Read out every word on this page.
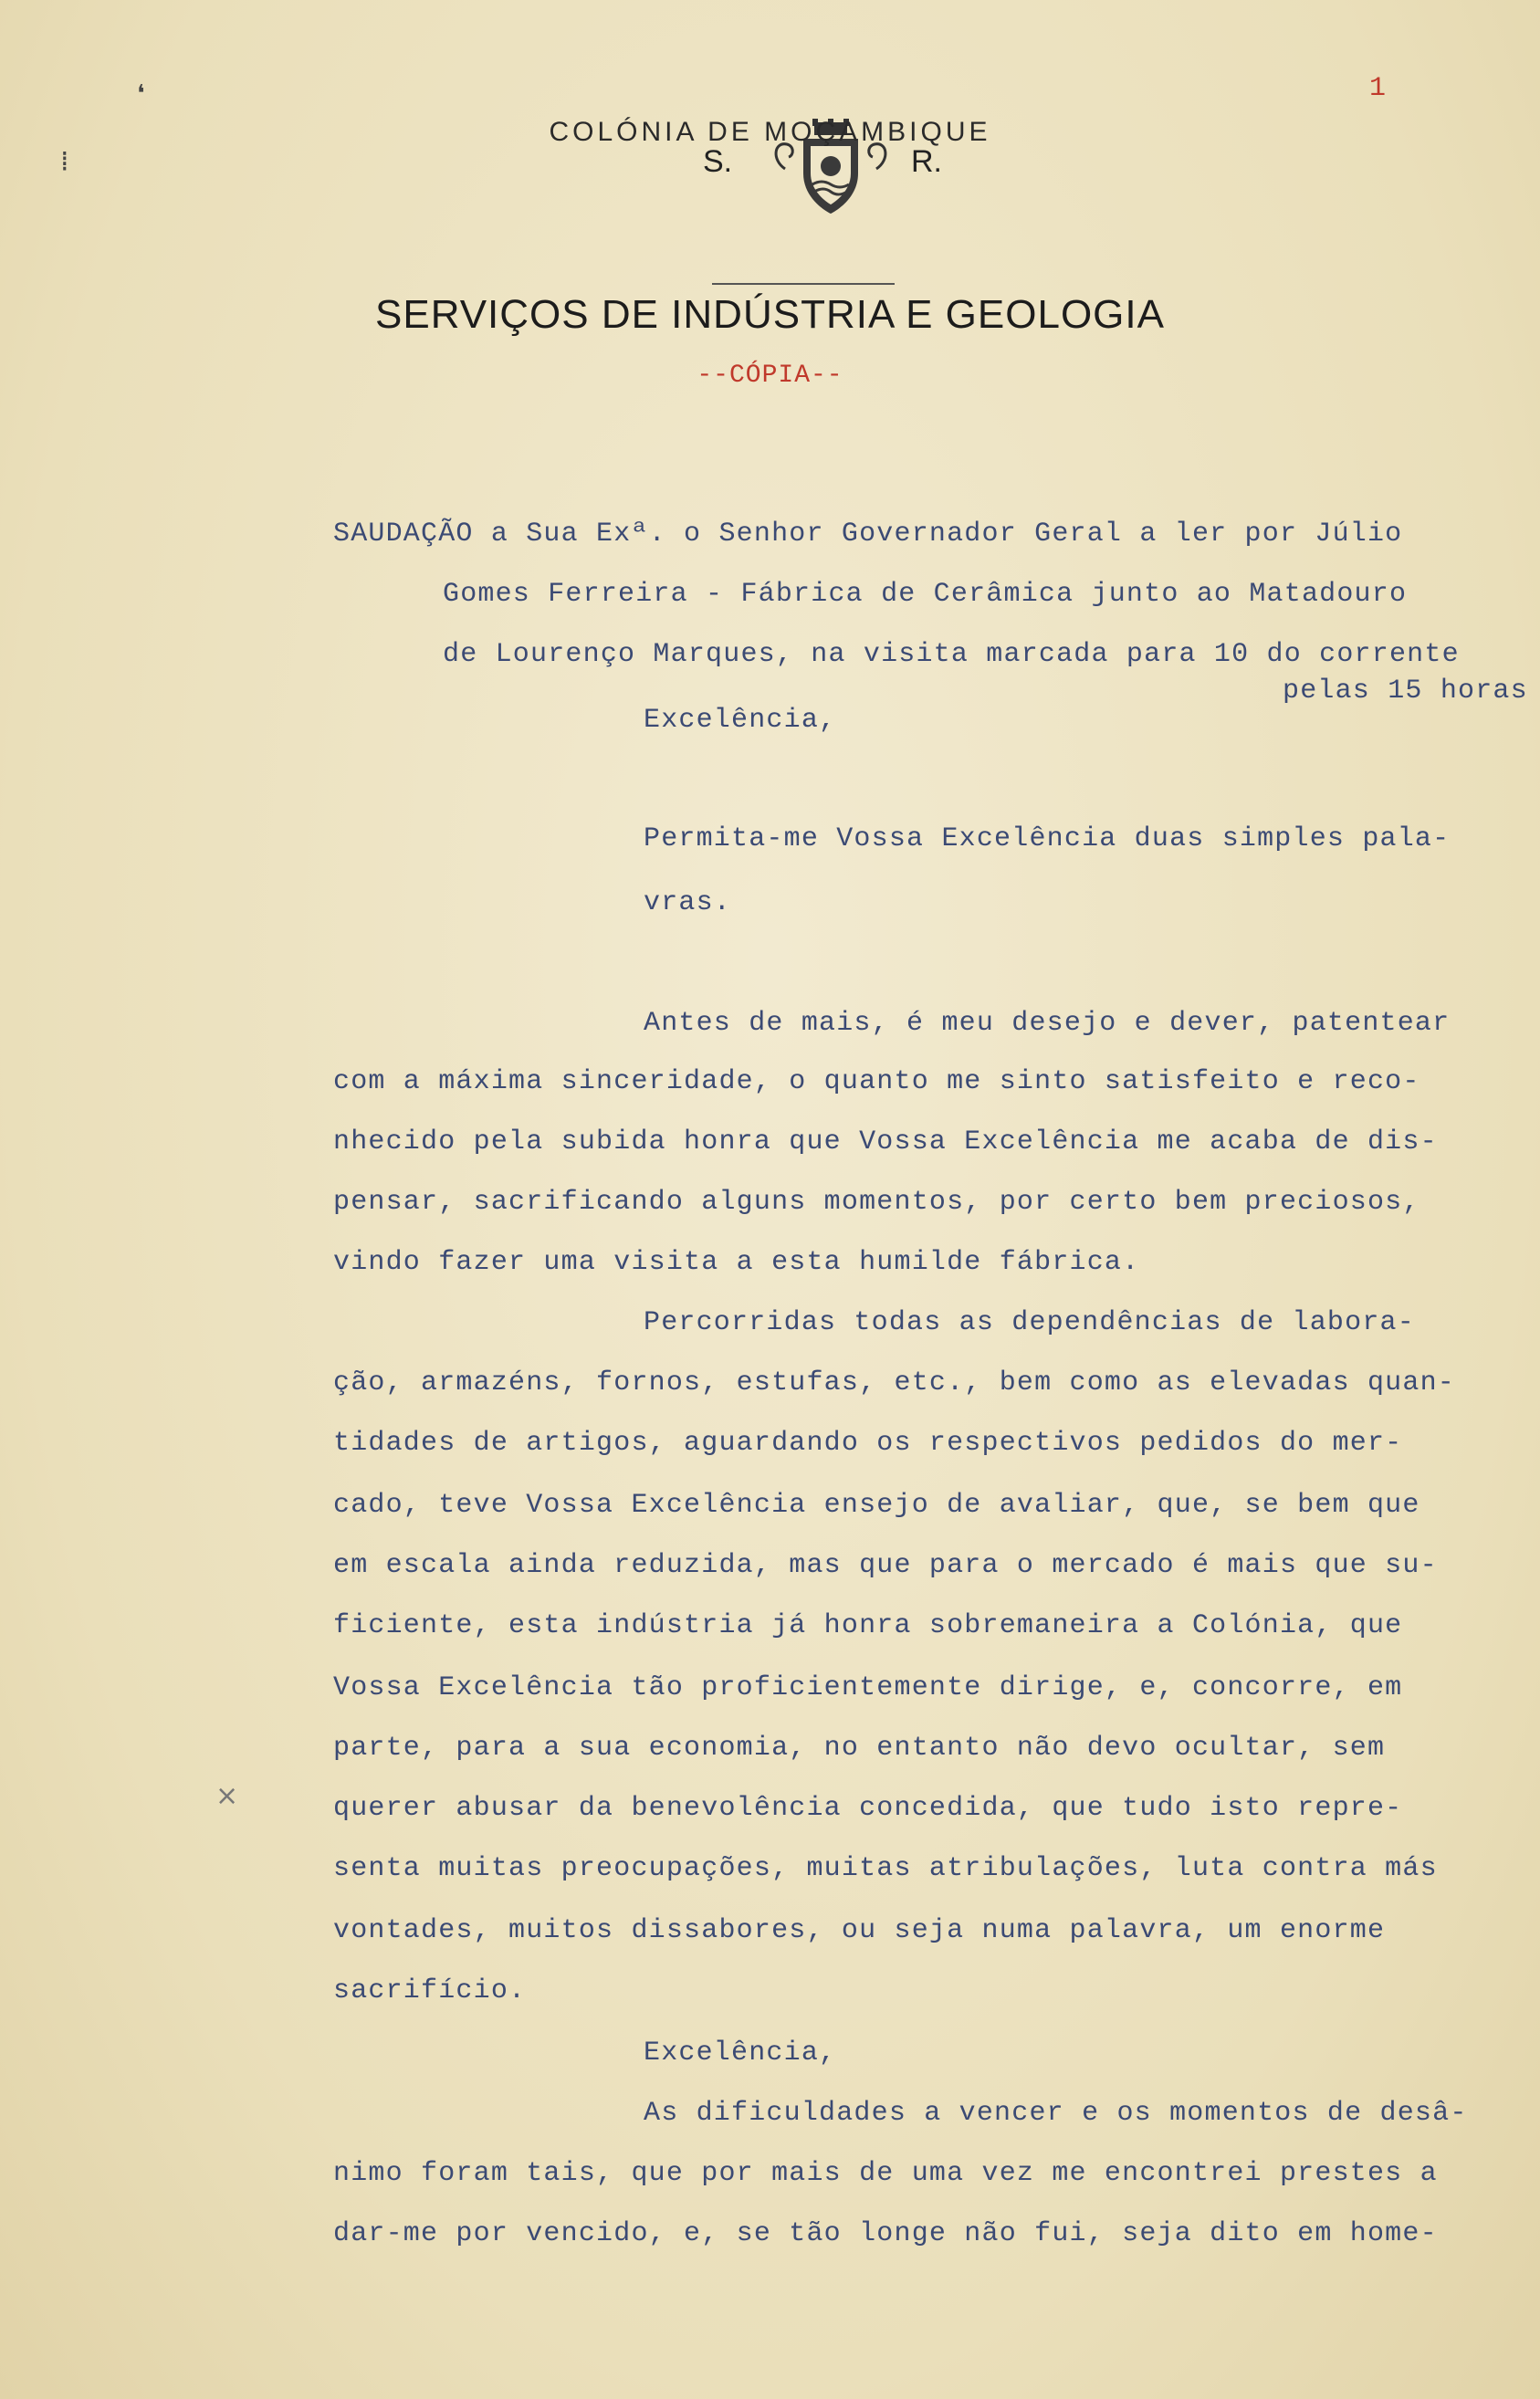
1
S.	R.
COLÓNIA DE MOÇAMBIQUE
SERVIÇOS DE INDÚSTRIA E GEOLOGIA
--CÓPIA--
SAUDAÇÃO a Sua Exª. o Senhor Governador Geral a ler por Júlio
Gomes Ferreira - Fábrica de Cerâmica junto ao Matadouro
de Lourenço Marques, na visita marcada para 10 do corrente
pelas 15 horas
Excelência,
Permita-me Vossa Excelência duas simples pala-
vras.
Antes de mais, é meu desejo e dever, patentear
com a máxima sinceridade, o quanto me sinto satisfeito e reco-
nhecido pela subida honra que Vossa Excelência me acaba de dis-
pensar, sacrificando alguns momentos, por certo bem preciosos,
vindo fazer uma visita a esta humilde fábrica.
Percorridas todas as dependências de labora-
ção, armazéns, fornos, estufas, etc., bem como as elevadas quan-
tidades de artigos, aguardando os respectivos pedidos do mer-
cado, teve Vossa Excelência ensejo de avaliar, que, se bem que
em escala ainda reduzida, mas que para o mercado é mais que su-
ficiente, esta indústria já honra sobremaneira a Colónia, que
Vossa Excelência tão proficientemente dirige, e, concorre, em
parte, para a sua economia, no entanto não devo ocultar, sem
querer abusar da benevolência concedida, que tudo isto repre-
senta muitas preocupações, muitas atribulações, luta contra más
vontades, muitos dissabores, ou seja numa palavra, um enorme
sacrifício.
Excelência,
As dificuldades a vencer e os momentos de desâ-
nimo foram tais, que por mais de uma vez me encontrei prestes a
dar-me por vencido, e, se tão longe não fui, seja dito em home-
❛
⁞
×
